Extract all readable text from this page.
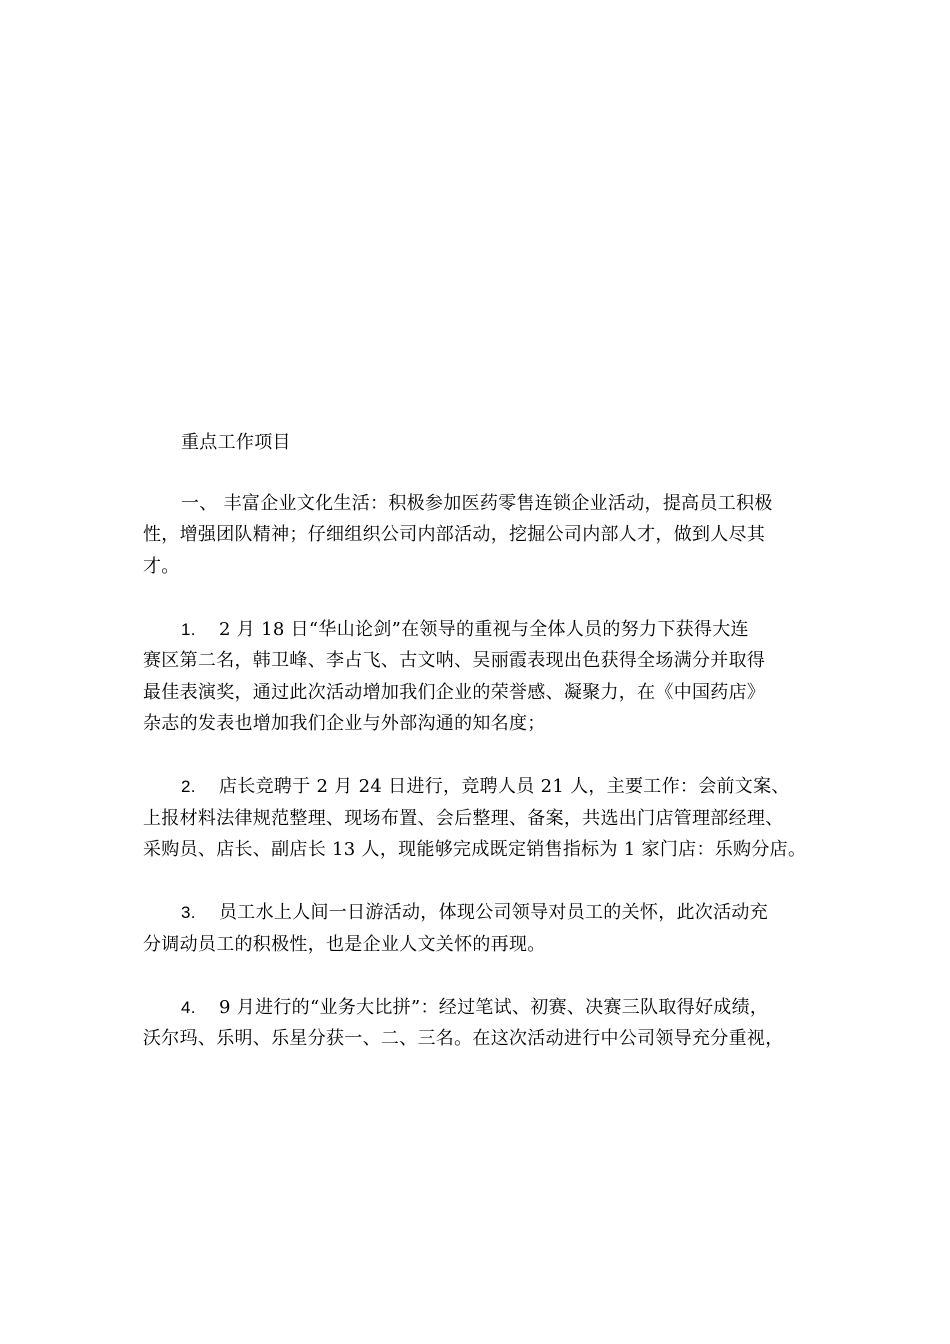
重点工作项目

一、 丰富企业文化生活：积极参加医药零售连锁企业活动，提高员工积极
性，增强团队精神；仔细组织公司内部活动，挖掘公司内部人才，做到人尽其
才。

1. 2 月 18 日“华山论剑”在领导的重视与全体人员的努力下获得大连
赛区第二名，韩卫峰、李占飞、古文呐、吴丽霞表现出色获得全场满分并取得
最佳表演奖，通过此次活动增加我们企业的荣誉感、凝聚力，在《中国药店》
杂志的发表也增加我们企业与外部沟通的知名度；

2. 店长竞聘于 2 月 24 日进行，竞聘人员 21 人，主要工作：会前文案、
上报材料法律规范整理、现场布置、会后整理、备案，共选出门店管理部经理、
采购员、店长、副店长 13 人，现能够完成既定销售指标为 1 家门店：乐购分店。

3. 员工水上人间一日游活动，体现公司领导对员工的关怀，此次活动充
分调动员工的积极性，也是企业人文关怀的再现。

4. 9 月进行的“业务大比拼”：经过笔试、初赛、决赛三队取得好成绩，
沃尔玛、乐明、乐星分获一、二、三名。在这次活动进行中公司领导充分重视，
